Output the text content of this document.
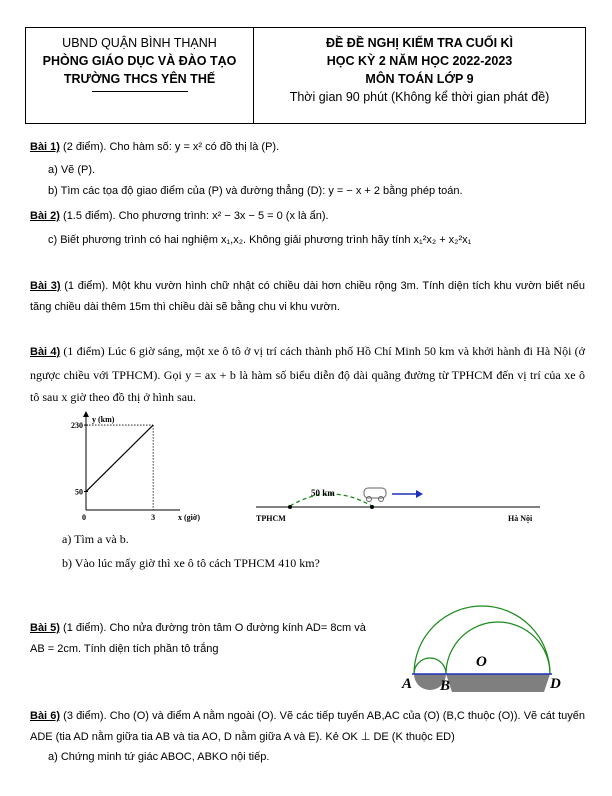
UBND QUẬN BÌNH THẠNH
PHÒNG GIÁO DỤC VÀ ĐÀO TẠO
TRƯỜNG THCS YÊN THẾ
ĐỀ ĐỀ NGHỊ KIỂM TRA CUỐI KÌ
HỌC KỲ 2 NĂM HỌC 2022-2023
MÔN TOÁN LỚP 9
Thời gian 90 phút (Không kể thời gian phát đề)
Bài 1) (2 điểm). Cho hàm số: y = x² có đồ thị là (P).
a) Vẽ (P).
b) Tìm các tọa độ giao điểm của (P) và đường thẳng (D): y = − x + 2 bằng phép toán.
Bài 2) (1.5 điểm). Cho phương trình: x² − 3x − 5 = 0 (x là ẩn).
c) Biết phương trình có hai nghiệm x₁,x₂. Không giải phương trình hãy tính x₁²x₂ + x₂²x₁
Bài 3) (1 điểm). Một khu vườn hình chữ nhật có chiều dài hơn chiều rộng 3m. Tính diện tích khu vườn biết nếu tăng chiều dài thêm 15m thì chiều dài sẽ bằng chu vi khu vườn.
Bài 4) (1 điểm) Lúc 6 giờ sáng, một xe ô tô ở vị trí cách thành phố Hồ Chí Minh 50 km và khởi hành đi Hà Nội (ở ngược chiều với TPHCM). Gọi y = ax + b là hàm số biểu diễn độ dài quãng đường từ TPHCM đến vị trí của xe ô tô sau x giờ theo đồ thị ở hình sau.
y (km)
x (giờ)
50
230
0	3
50 km
TPHCM	Hà Nội
a) Tìm a và b.
b) Vào lúc mấy giờ thì xe ô tô cách TPHCM 410 km?
Bài 5) (1 điểm). Cho nửa đường tròn tâm O đường kính AD= 8cm và
AB = 2cm. Tính diện tích phần tô trắng
A B
O
D
Bài 6) (3 điểm). Cho (O) và điểm A nằm ngoài (O). Vẽ các tiếp tuyến AB,AC của (O) (B,C thuộc (O)). Vẽ cát tuyến ADE (tia AD nằm giữa tia AB và tia AO, D nằm giữa A và E). Kẻ OK ⊥ DE (K thuộc ED)
a) Chứng minh tứ giác ABOC, ABKO nội tiếp.
